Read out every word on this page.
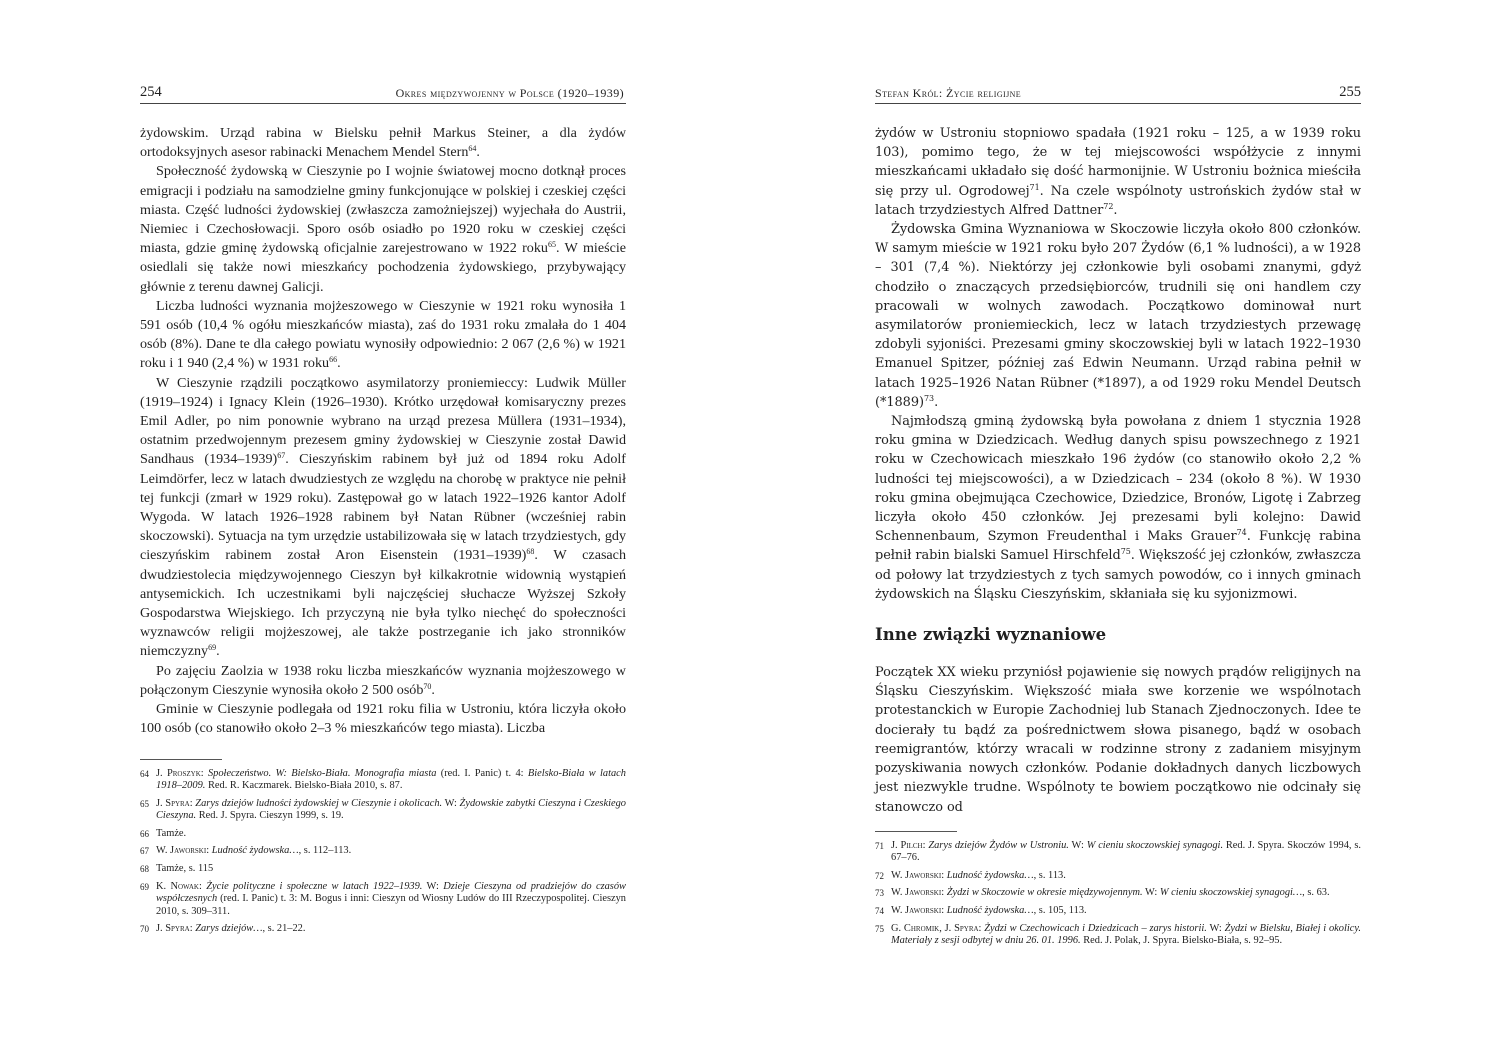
254	Okres międzywojenny w Polsce (1920–1939)

żydowskim. Urząd rabina w Bielsku pełnił Markus Steiner, a dla żydów ortodoksyjnych asesor rabinacki Menachem Mendel Stern$^{64}$.

Społeczność żydowską w Cieszynie po I wojnie światowej mocno dotknął proces emigracji i podziału na samodzielne gminy funkcjonujące w polskiej i czeskiej części miasta. Część ludności żydowskiej (zwłaszcza zamożniejszej) wyjechała do Austrii, Niemiec i Czechosłowacji. Sporo osób osiadło po 1920 roku w czeskiej części miasta, gdzie gminę żydowską oficjalnie zarejestrowano w 1922 roku$^{65}$. W mieście osiedlali się także nowi mieszkańcy pochodzenia żydowskiego, przybywający głównie z terenu dawnej Galicji.

Liczba ludności wyznania mojżeszowego w Cieszynie w 1921 roku wynosiła 1 591 osób (10,4 % ogółu mieszkańców miasta), zaś do 1931 roku zmalała do 1 404 osób (8%). Dane te dla całego powiatu wynosiły odpowiednio: 2 067 (2,6 %) w 1921 roku i 1 940 (2,4 %) w 1931 roku$^{66}$.

W Cieszynie rządzili początkowo asymilatorzy proniemieccy: Ludwik Müller (1919–1924) i Ignacy Klein (1926–1930). Krótko urzędował komisaryczny prezes Emil Adler, po nim ponownie wybrano na urząd prezesa Müllera (1931–1934), ostatnim przedwojennym prezesem gminy żydowskiej w Cieszynie został Dawid Sandhaus (1934–1939)$^{67}$. Cieszyńskim rabinem był już od 1894 roku Adolf Leimdörfer, lecz w latach dwudziestych ze względu na chorobę w praktyce nie pełnił tej funkcji (zmarł w 1929 roku). Zastępował go w latach 1922–1926 kantor Adolf Wygoda. W latach 1926–1928 rabinem był Natan Rübner (wcześniej rabin skoczowski). Sytuacja na tym urzędzie ustabilizowała się w latach trzydziestych, gdy cieszyńskim rabinem został Aron Eisenstein (1931–1939)$^{68}$. W czasach dwudziestolecia międzywojennego Cieszyn był kilkakrotnie widownią wystąpień antysemickich. Ich uczestnikami byli najczęściej słuchacze Wyższej Szkoły Gospodarstwa Wiejskiego. Ich przyczyną nie była tylko niechęć do społeczności wyznawców religii mojżeszowej, ale także postrzeganie ich jako stronników niemczyzny$^{69}$.

Po zajęciu Zaolzia w 1938 roku liczba mieszkańców wyznania mojżeszowego w połączonym Cieszynie wynosiła około 2 500 osób$^{70}$.

Gminie w Cieszynie podlegała od 1921 roku filia w Ustroniu, która liczyła około 100 osób (co stanowiło około 2–3 % mieszkańców tego miasta). Liczba

64 J. Proszyk: Społeczeństwo. W: Bielsko-Biała. Monografia miasta (red. I. Panic) t. 4: Bielsko-Biała w latach 1918–2009. Red. R. Kaczmarek. Bielsko-Biała 2010, s. 87.
65 J. Spyra: Zarys dziejów ludności żydowskiej w Cieszynie i okolicach. W: Żydowskie zabytki Cieszyna i Czeskiego Cieszyna. Red. J. Spyra. Cieszyn 1999, s. 19.
66 Tamże.
67 W. Jaworski: Ludność żydowska…, s. 112–113.
68 Tamże, s. 115
69 K. Nowak: Życie polityczne i społeczne w latach 1922–1939. W: Dzieje Cieszyna od pradziejów do czasów współczesnych (red. I. Panic) t. 3: M. Bogus i inni: Cieszyn od Wiosny Ludów do III Rzeczypospolitej. Cieszyn 2010, s. 309–311.
70 J. Spyra: Zarys dziejów…, s. 21–22.
Stefan Król: Życie religijne	255

żydów w Ustroniu stopniowo spadała (1921 roku – 125, a w 1939 roku 103), pomimo tego, że w tej miejscowości współżycie z innymi mieszkańcami układało się dość harmonijnie. W Ustroniu bożnica mieściła się przy ul. Ogrodowej$^{71}$. Na czele wspólnoty ustrońskich żydów stał w latach trzydziestych Alfred Dattner$^{72}$.

Żydowska Gmina Wyznaniowa w Skoczowie liczyła około 800 członków. W samym mieście w 1921 roku było 207 Żydów (6,1 % ludności), a w 1928 – 301 (7,4 %). Niektórzy jej członkowie byli osobami znanymi, gdyż chodziło o znaczących przedsiębiorców, trudnili się oni handlem czy pracowali w wolnych zawodach. Początkowo dominował nurt asymilatorów proniemieckich, lecz w latach trzydziestych przewagę zdobyli syjoniści. Prezesami gminy skoczowskiej byli w latach 1922–1930 Emanuel Spitzer, później zaś Edwin Neumann. Urząd rabina pełnił w latach 1925–1926 Natan Rübner (*1897), a od 1929 roku Mendel Deutsch $(*1889)^{73}$.

Najmłodszą gminą żydowską była powołana z dniem 1 stycznia 1928 roku gmina w Dziedzicach. Według danych spisu powszechnego z 1921 roku w Czechowicach mieszkało 196 żydów (co stanowiło około 2,2 % ludności tej miejscowości), a w Dziedzicach – 234 (około 8 %). W 1930 roku gmina obejmująca Czechowice, Dziedzice, Bronów, Ligotę i Zabrzeg liczyła około 450 członków. Jej prezesami byli kolejno: Dawid Schennenbaum, Szymon Freudenthal i Maks Grauer$^{74}$. Funkcję rabina pełnił rabin bialski Samuel Hirschfeld$^{75}$. Większość jej członków, zwłaszcza od połowy lat trzydziestych z tych samych powodów, co i innych gminach żydowskich na Śląsku Cieszyńskim, skłaniała się ku syjonizmowi.

Inne związki wyznaniowe

Początek XX wieku przyniósł pojawienie się nowych prądów religijnych na Śląsku Cieszyńskim. Większość miała swe korzenie we wspólnotach protestanckich w Europie Zachodniej lub Stanach Zjednoczonych. Idee te docierały tu bądź za pośrednictwem słowa pisanego, bądź w osobach reemigrantów, którzy wracali w rodzinne strony z zadaniem misyjnym pozyskiwania nowych członków. Podanie dokładnych danych liczbowych jest niezwykle trudne. Wspólnoty te bowiem początkowo nie odcinały się stanowczo od

71 J. Pilch: Zarys dziejów Żydów w Ustroniu. W: W cieniu skoczowskiej synagogi. Red. J. Spyra. Skoczów 1994, s. 67–76.
72 W. Jaworski: Ludność żydowska…, s. 113.
73 W. Jaworski: Żydzi w Skoczowie w okresie międzywojennym. W: W cieniu skoczowskiej synagogi…, s. 63.
74 W. Jaworski: Ludność żydowska…, s. 105, 113.
75 G. Chromik, J. Spyra: Żydzi w Czechowicach i Dziedzicach – zarys historii. W: Żydzi w Bielsku, Białej i okolicy. Materiały z sesji odbytej w dniu 26. 01. 1996. Red. J. Polak, J. Spyra. Bielsko-Biała, s. 92–95.
